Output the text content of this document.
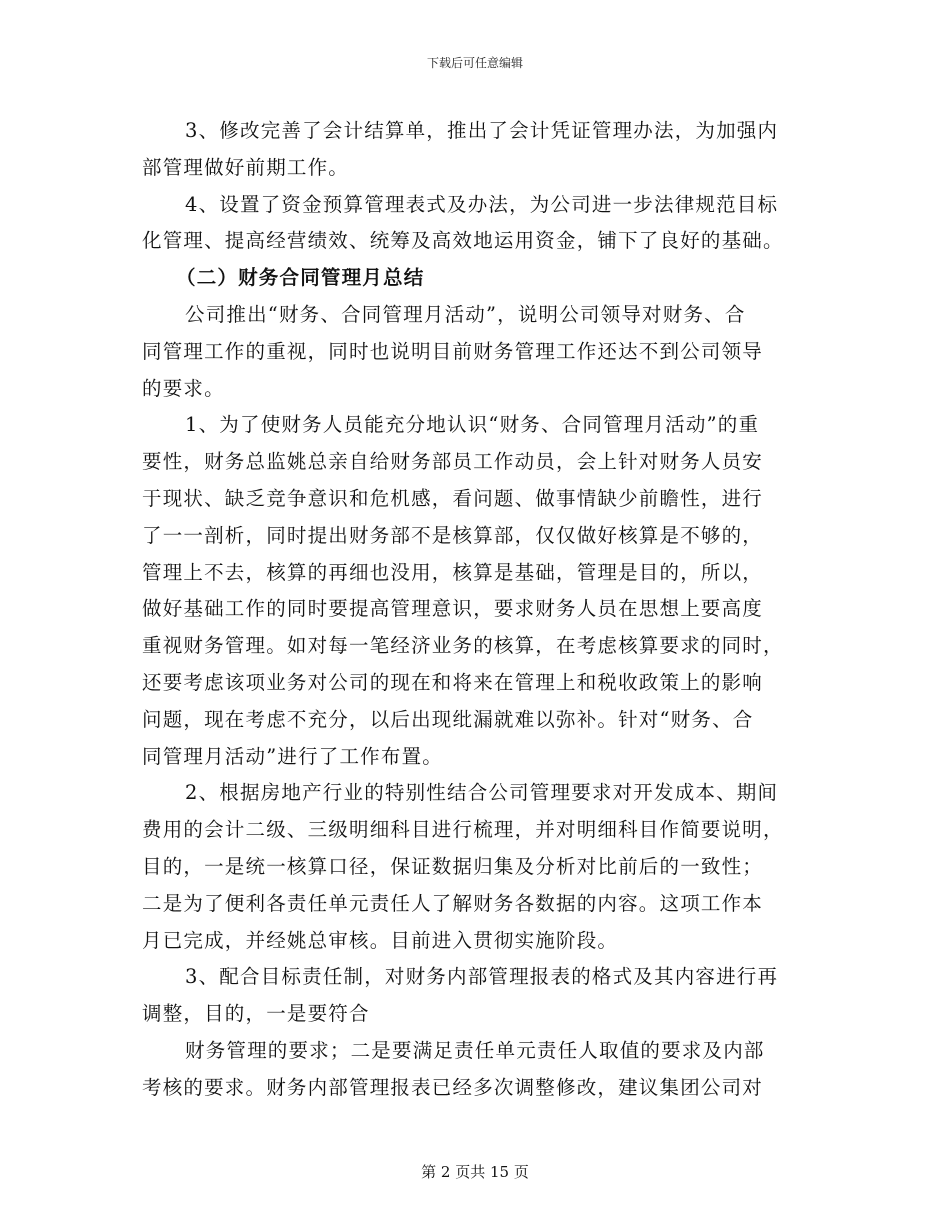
下载后可任意编辑

3、修改完善了会计结算单，推出了会计凭证管理办法，为加强内
部管理做好前期工作。

4、设置了资金预算管理表式及办法，为公司进一步法律规范目标
化管理、提高经营绩效、统筹及高效地运用资金，铺下了良好的基础。

（二）财务合同管理月总结

公司推出“财务、合同管理月活动”，说明公司领导对财务、合
同管理工作的重视，同时也说明目前财务管理工作还达不到公司领导
的要求。

1、为了使财务人员能充分地认识“财务、合同管理月活动”的重
要性，财务总监姚总亲自给财务部员工作动员，会上针对财务人员安
于现状、缺乏竞争意识和危机感，看问题、做事情缺少前瞻性，进行
了一一剖析，同时提出财务部不是核算部，仅仅做好核算是不够的，
管理上不去，核算的再细也没用，核算是基础，管理是目的，所以，
做好基础工作的同时要提高管理意识，要求财务人员在思想上要高度
重视财务管理。如对每一笔经济业务的核算，在考虑核算要求的同时，
还要考虑该项业务对公司的现在和将来在管理上和税收政策上的影响
问题，现在考虑不充分，以后出现纰漏就难以弥补。针对“财务、合
同管理月活动”进行了工作布置。

2、根据房地产行业的特别性结合公司管理要求对开发成本、期间
费用的会计二级、三级明细科目进行梳理，并对明细科目作简要说明，
目的，一是统一核算口径，保证数据归集及分析对比前后的一致性；
二是为了便利各责任单元责任人了解财务各数据的内容。这项工作本
月已完成，并经姚总审核。目前进入贯彻实施阶段。

3、配合目标责任制，对财务内部管理报表的格式及其内容进行再
调整，目的，一是要符合

财务管理的要求；二是要满足责任单元责任人取值的要求及内部
考核的要求。财务内部管理报表已经多次调整修改，建议集团公司对

第 2 页共 15 页
